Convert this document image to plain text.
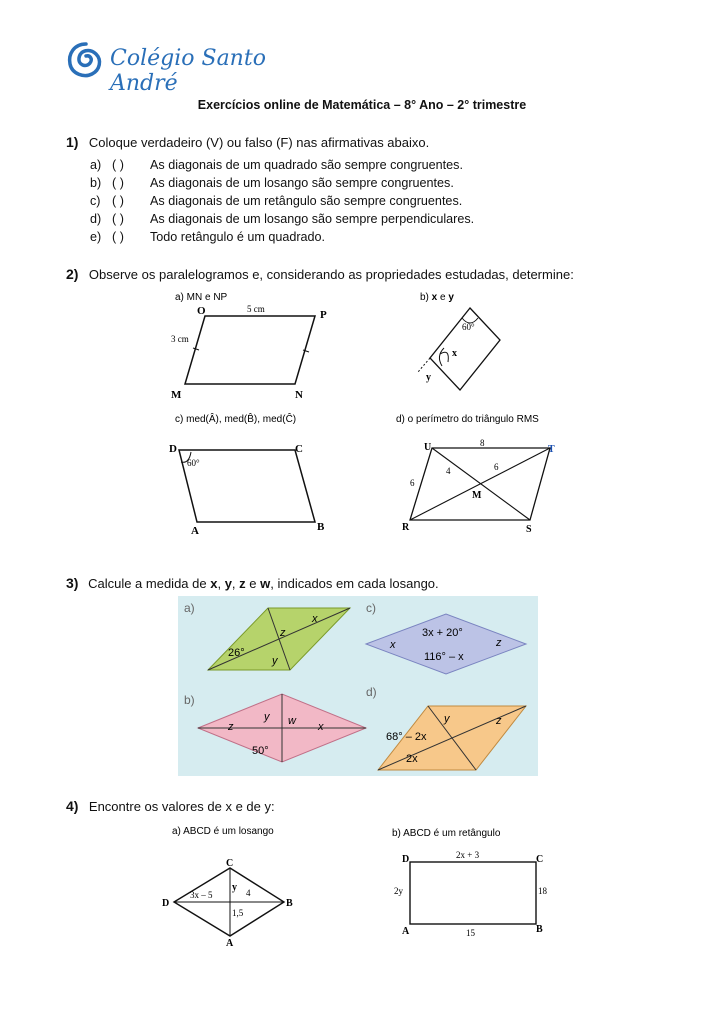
Colégio Santo André
Exercícios online de Matemática – 8° Ano – 2° trimestre
1) Coloque verdadeiro (V) ou falso (F) nas afirmativas abaixo.
a) ( ) As diagonais de um quadrado são sempre congruentes.
b) ( ) As diagonais de um losango são sempre congruentes.
c) ( ) As diagonais de um retângulo são sempre congruentes.
d) ( ) As diagonais de um losango são sempre perpendiculares.
e) ( ) Todo retângulo é um quadrado.
2) Observe os paralelogramos e, considerando as propriedades estudadas, determine:
a) MN e NP
O	P
M	N
5 cm
3 cm
b) x e y
60°
x
y
c) med(Â), med(B̂), med(Ĉ)
60°
D	C
A	B
d) o perímetro do triângulo RMS
U	T
R	S
M
8
6
4	6
3) Calcule a medida de x, y, z e w, indicados em cada losango.
a)
26°
z
x
y
c)
3x + 20°
116° – x
x	z
b)
z
y w x
50°
d)
68° – 2x
2x
y	z
4) Encontre os valores de x e de y:
a) ABCD é um losango
C
D	B
A
3x – 5
y 4
1,5
b) ABCD é um retângulo
D	C
A	B
2x + 3
2y	18
15
